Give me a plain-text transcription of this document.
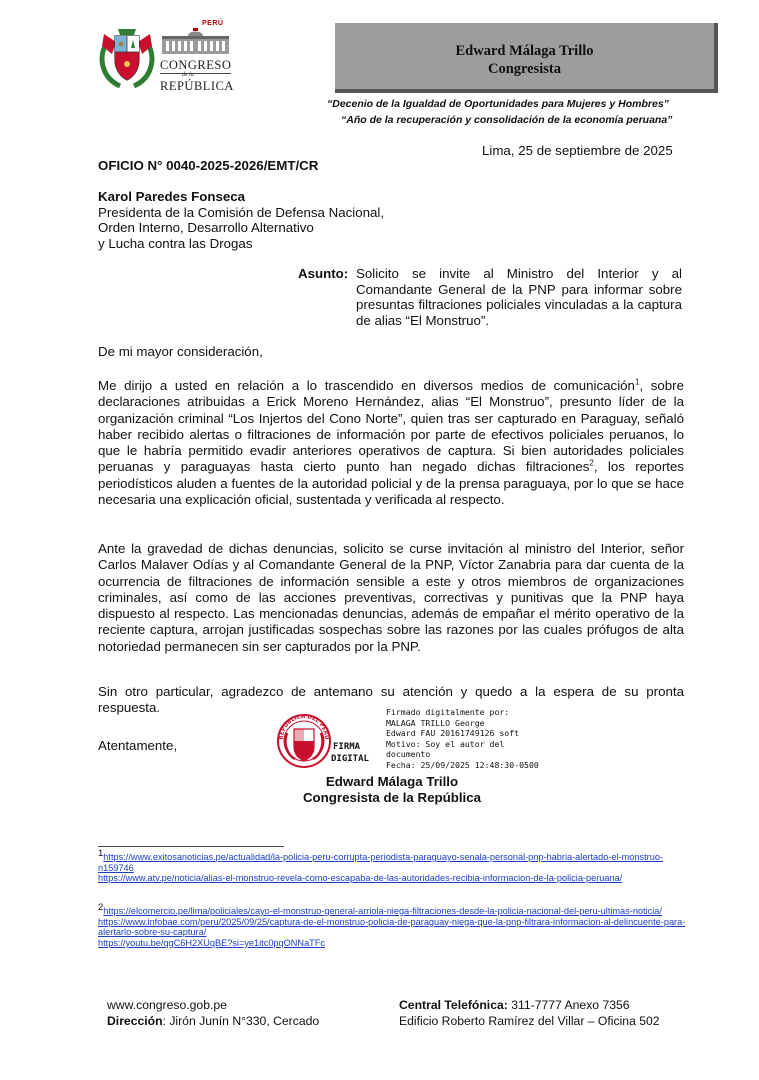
PERÚ
CONGRESO
de la
REPÚBLICA
Edward Málaga Trillo
Congresista
“Decenio de la Igualdad de Oportunidades para Mujeres y Hombres”
“Año de la recuperación y consolidación de la economía peruana”
Lima, 25 de septiembre de 2025
OFICIO N° 0040-2025-2026/EMT/CR
Karol Paredes Fonseca
Presidenta de la Comisión de Defensa Nacional,
Orden Interno, Desarrollo Alternativo
y Lucha contra las Drogas
Asunto: Solicito se invite al Ministro del Interior y al Comandante General de la PNP para informar sobre presuntas filtraciones policiales vinculadas a la captura de alias “El Monstruo”.
De mi mayor consideración,
Me dirijo a usted en relación a lo trascendido en diversos medios de comunicación$^1$, sobre declaraciones atribuidas a Erick Moreno Hernández, alias “El Monstruo”, presunto líder de la organización criminal “Los Injertos del Cono Norte”, quien tras ser capturado en Paraguay, señaló haber recibido alertas o filtraciones de información por parte de efectivos policiales peruanos, lo que le habría permitido evadir anteriores operativos de captura. Si bien autoridades policiales peruanas y paraguayas hasta cierto punto han negado dichas filtraciones$^2$, los reportes periodísticos aluden a fuentes de la autoridad policial y de la prensa paraguaya, por lo que se hace necesaria una explicación oficial, sustentada y verificada al respecto.
Ante la gravedad de dichas denuncias, solicito se curse invitación al ministro del Interior, señor Carlos Malaver Odías y al Comandante General de la PNP, Víctor Zanabria para dar cuenta de la ocurrencia de filtraciones de información sensible a este y otros miembros de organizaciones criminales, así como de las acciones preventivas, correctivas y punitivas que la PNP haya dispuesto al respecto. Las mencionadas denuncias, además de empañar el mérito operativo de la reciente captura, arrojan justificadas sospechas sobre las razones por las cuales prófugos de alta notoriedad permanecen sin ser capturados por la PNP.
Sin otro particular, agradezco de antemano su atención y quedo a la espera de su pronta respuesta.
Atentamente,
REPÚBLICA DEL PERÚ
FIRMA
DIGITAL
Firmado digitalmente por:
MALAGA TRILLO George
Edward FAU 20161749126 soft
Motivo: Soy el autor del
documento
Fecha: 25/09/2025 12:48:30-0500
Edward Málaga Trillo
Congresista de la República
$^1$https://www.exitosanoticias.pe/actualidad/la-policia-peru-corrupta-periodista-paraguayo-senala-personal-pnp-habria-alertado-el-monstruo-n159746
https://www.atv.pe/noticia/alias-el-monstruo-revela-como-escapaba-de-las-autoridades-recibia-informacion-de-la-policia-peruana/
$^2$https://elcomercio.pe/lima/policiales/cayo-el-monstruo-general-arriola-niega-filtraciones-desde-la-policia-nacional-del-peru-ultimas-noticia/
https://www.infobae.com/peru/2025/09/25/captura-de-el-monstruo-policia-de-paraguay-niega-que-la-pnp-filtrara-informacion-al-delincuente-para-alertarlo-sobre-su-captura/
https://youtu.be/qgC6H2XUqBE?si=ye1itc0pqONNaTFc
www.congreso.gob.pe
Dirección: Jirón Junín N°330, Cercado
Central Telefónica: 311-7777 Anexo 7356
Edificio Roberto Ramírez del Villar – Oficina 502
